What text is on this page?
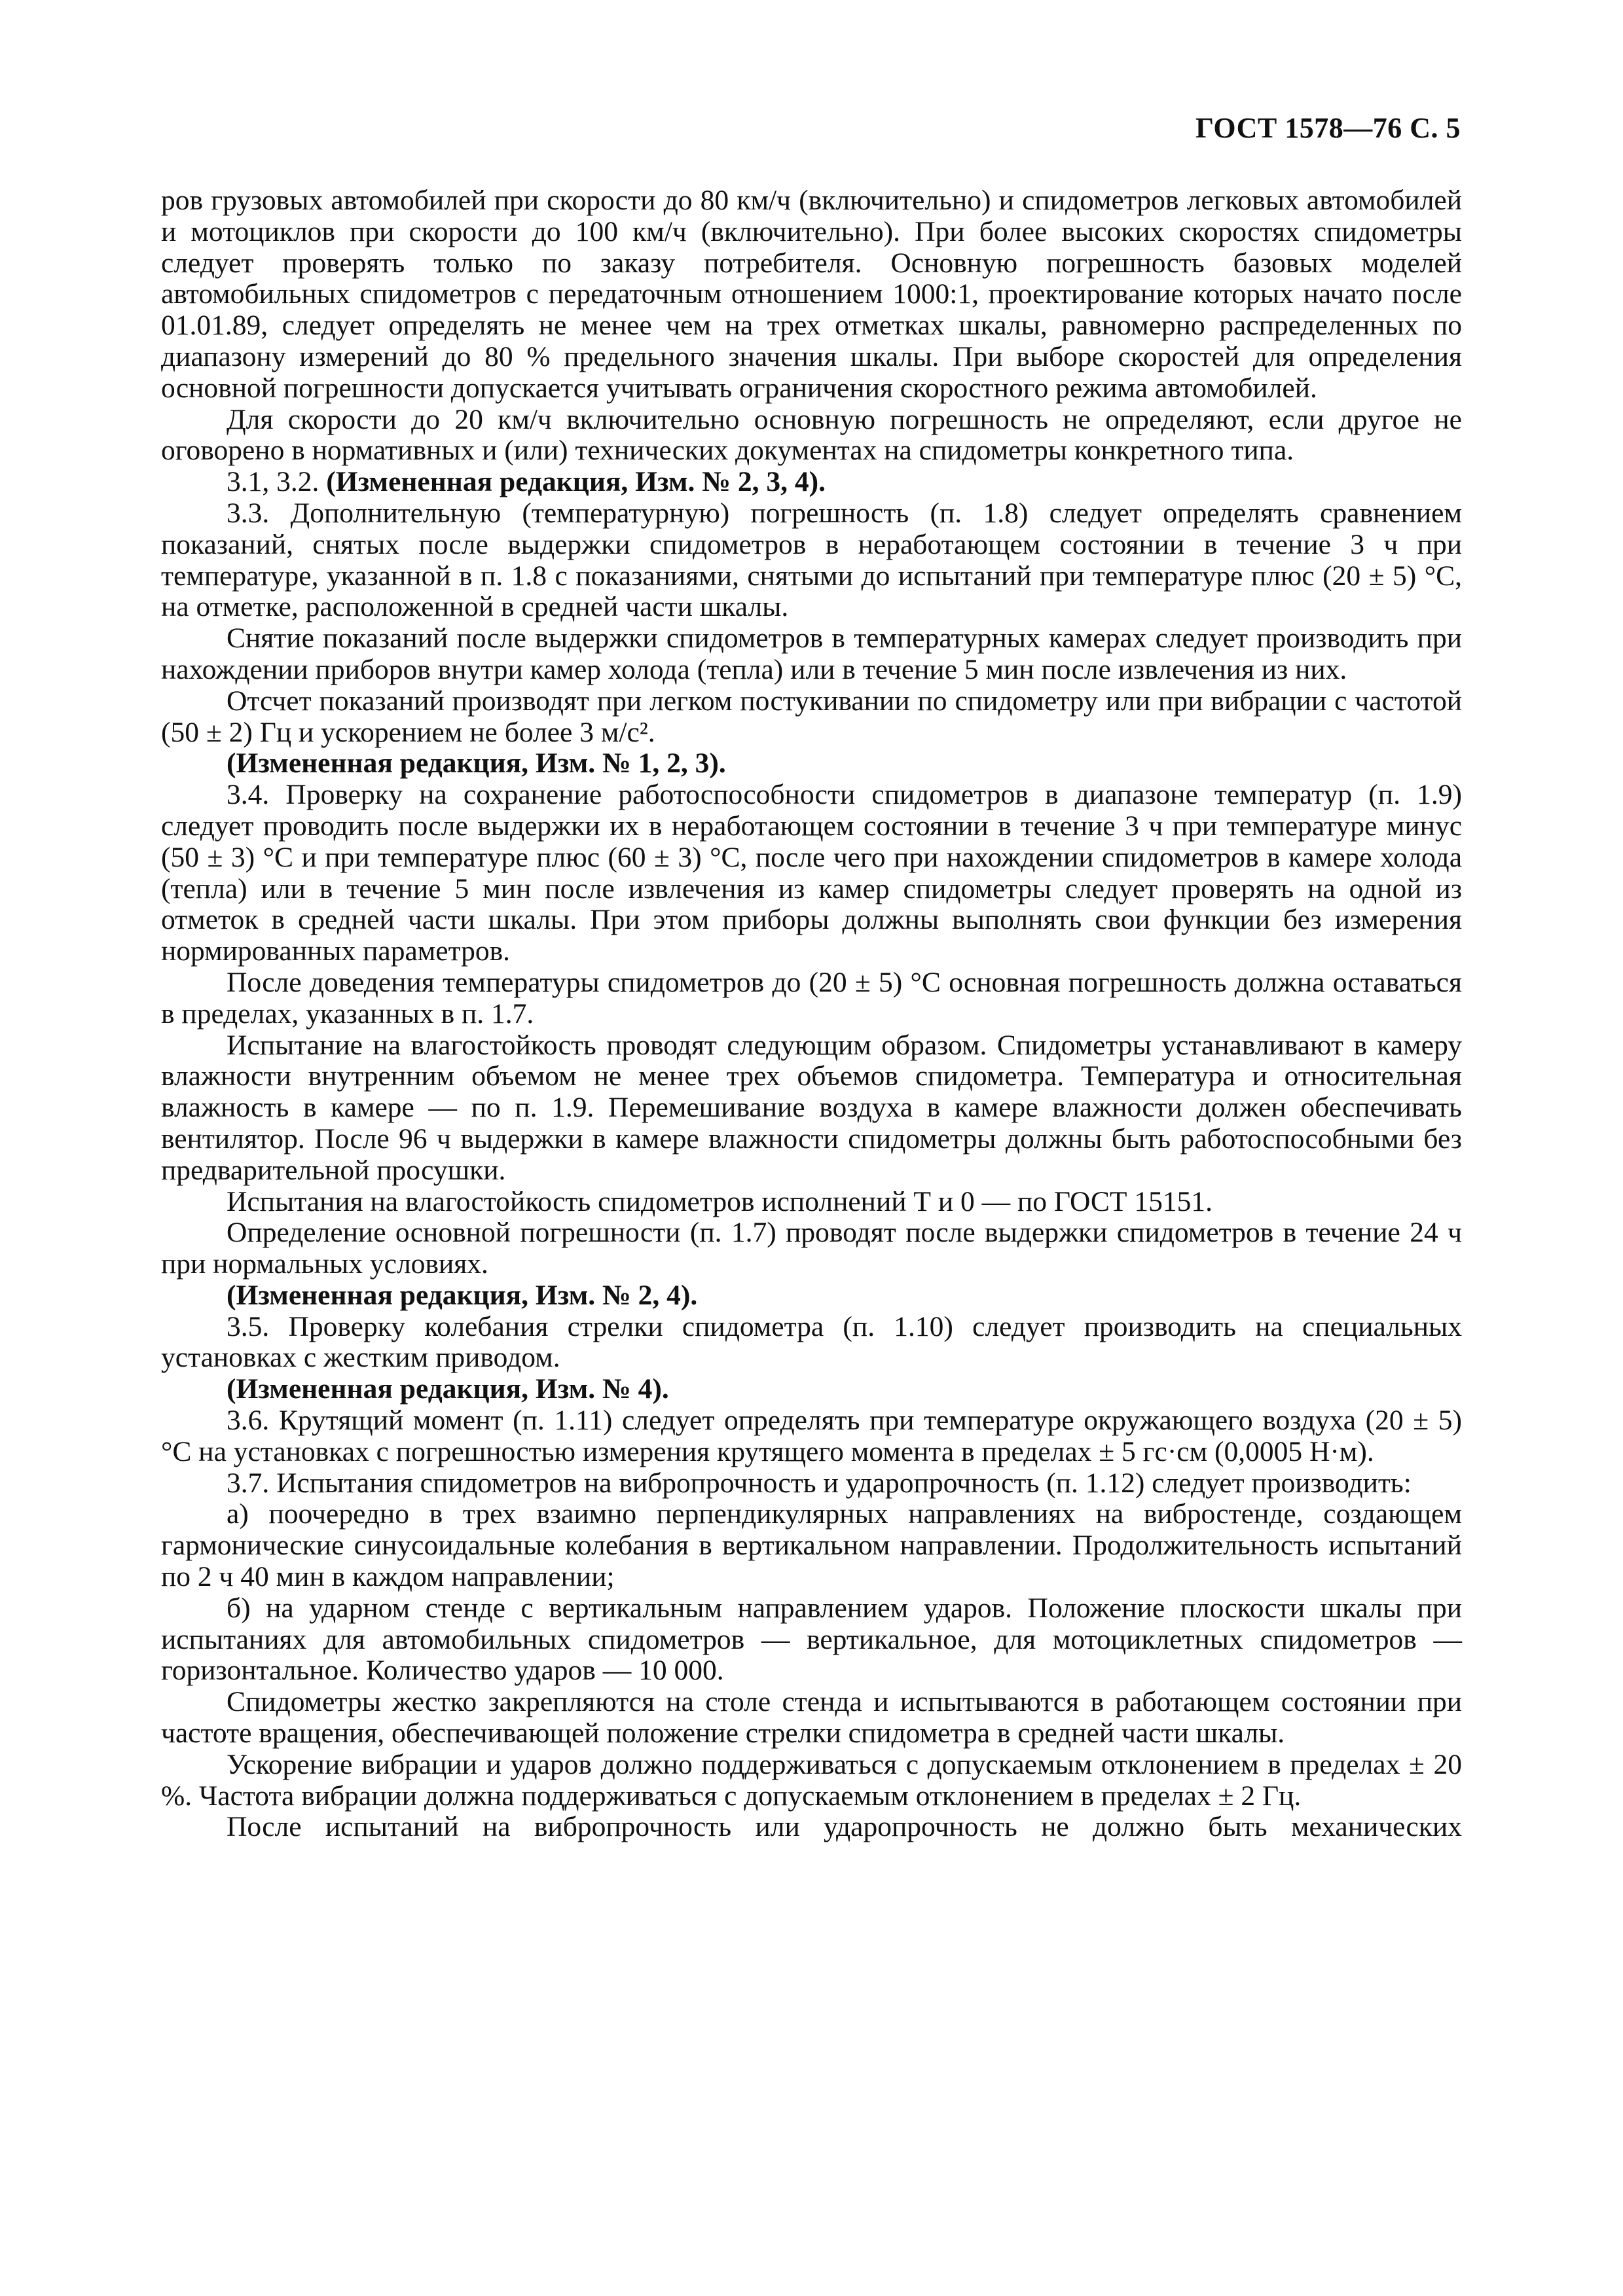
ГОСТ 1578—76 С. 5

ров грузовых автомобилей при скорости до 80 км/ч (включительно) и спидометров легковых автомобилей и мотоциклов при скорости до 100 км/ч (включительно). При более высоких скоростях спидометры следует проверять только по заказу потребителя. Основную погрешность базовых моделей автомобильных спидометров с передаточным отношением 1000:1, проектирование которых начато после 01.01.89, следует определять не менее чем на трех отметках шкалы, равномерно распределенных по диапазону измерений до 80 % предельного значения шкалы. При выборе скоростей для определения основной погрешности допускается учитывать ограничения скоростного режима автомобилей.

Для скорости до 20 км/ч включительно основную погрешность не определяют, если другое не оговорено в нормативных и (или) технических документах на спидометры конкретного типа.

3.1, 3.2. (Измененная редакция, Изм. № 2, 3, 4).

3.3. Дополнительную (температурную) погрешность (п. 1.8) следует определять сравнением показаний, снятых после выдержки спидометров в неработающем состоянии в течение 3 ч при температуре, указанной в п. 1.8 с показаниями, снятыми до испытаний при температуре плюс (20 ± 5) °С, на отметке, расположенной в средней части шкалы.

Снятие показаний после выдержки спидометров в температурных камерах следует производить при нахождении приборов внутри камер холода (тепла) или в течение 5 мин после извлечения из них.

Отсчет показаний производят при легком постукивании по спидометру или при вибрации с частотой (50 ± 2) Гц и ускорением не более 3 м/с².

(Измененная редакция, Изм. № 1, 2, 3).

3.4. Проверку на сохранение работоспособности спидометров в диапазоне температур (п. 1.9) следует проводить после выдержки их в неработающем состоянии в течение 3 ч при температуре минус (50 ± 3) °С и при температуре плюс (60 ± 3) °С, после чего при нахождении спидометров в камере холода (тепла) или в течение 5 мин после извлечения из камер спидометры следует проверять на одной из отметок в средней части шкалы. При этом приборы должны выполнять свои функции без измерения нормированных параметров.

После доведения температуры спидометров до (20 ± 5) °С основная погрешность должна оставаться в пределах, указанных в п. 1.7.

Испытание на влагостойкость проводят следующим образом. Спидометры устанавливают в камеру влажности внутренним объемом не менее трех объемов спидометра. Температура и относительная влажность в камере — по п. 1.9. Перемешивание воздуха в камере влажности должен обеспечивать вентилятор. После 96 ч выдержки в камере влажности спидометры должны быть работоспособными без предварительной просушки.

Испытания на влагостойкость спидометров исполнений Т и 0 — по ГОСТ 15151.

Определение основной погрешности (п. 1.7) проводят после выдержки спидометров в течение 24 ч при нормальных условиях.

(Измененная редакция, Изм. № 2, 4).

3.5. Проверку колебания стрелки спидометра (п. 1.10) следует производить на специальных установках с жестким приводом.

(Измененная редакция, Изм. № 4).

3.6. Крутящий момент (п. 1.11) следует определять при температуре окружающего воздуха (20 ± 5) °С на установках с погрешностью измерения крутящего момента в пределах ± 5 гс·см (0,0005 Н·м).

3.7. Испытания спидометров на вибропрочность и ударопрочность (п. 1.12) следует производить:

а) поочередно в трех взаимно перпендикулярных направлениях на вибростенде, создающем гармонические синусоидальные колебания в вертикальном направлении. Продолжительность испытаний по 2 ч 40 мин в каждом направлении;

б) на ударном стенде с вертикальным направлением ударов. Положение плоскости шкалы при испытаниях для автомобильных спидометров — вертикальное, для мотоциклетных спидометров — горизонтальное. Количество ударов — 10 000.

Спидометры жестко закрепляются на столе стенда и испытываются в работающем состоянии при частоте вращения, обеспечивающей положение стрелки спидометра в средней части шкалы.

Ускорение вибрации и ударов должно поддерживаться с допускаемым отклонением в пределах ± 20 %. Частота вибрации должна поддерживаться с допускаемым отклонением в пределах ± 2 Гц.

После испытаний на вибропрочность или ударопрочность не должно быть механических
